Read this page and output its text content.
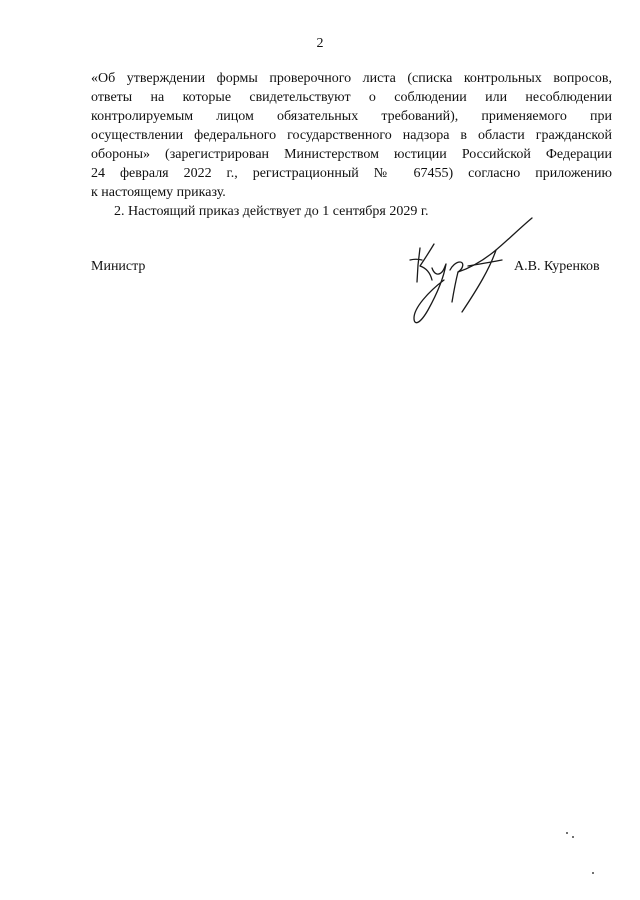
2
«Об утверждении формы проверочного листа (списка контрольных вопросов,
ответы на которые свидетельствуют о соблюдении или несоблюдении
контролируемым лицом обязательных требований), применяемого при
осуществлении федерального государственного надзора в области гражданской
обороны» (зарегистрирован Министерством юстиции Российской Федерации
24 февраля 2022 г., регистрационный № 67455) согласно приложению
к настоящему приказу.
2. Настоящий приказ действует до 1 сентября 2029 г.
Министр	А.В. Куренков
